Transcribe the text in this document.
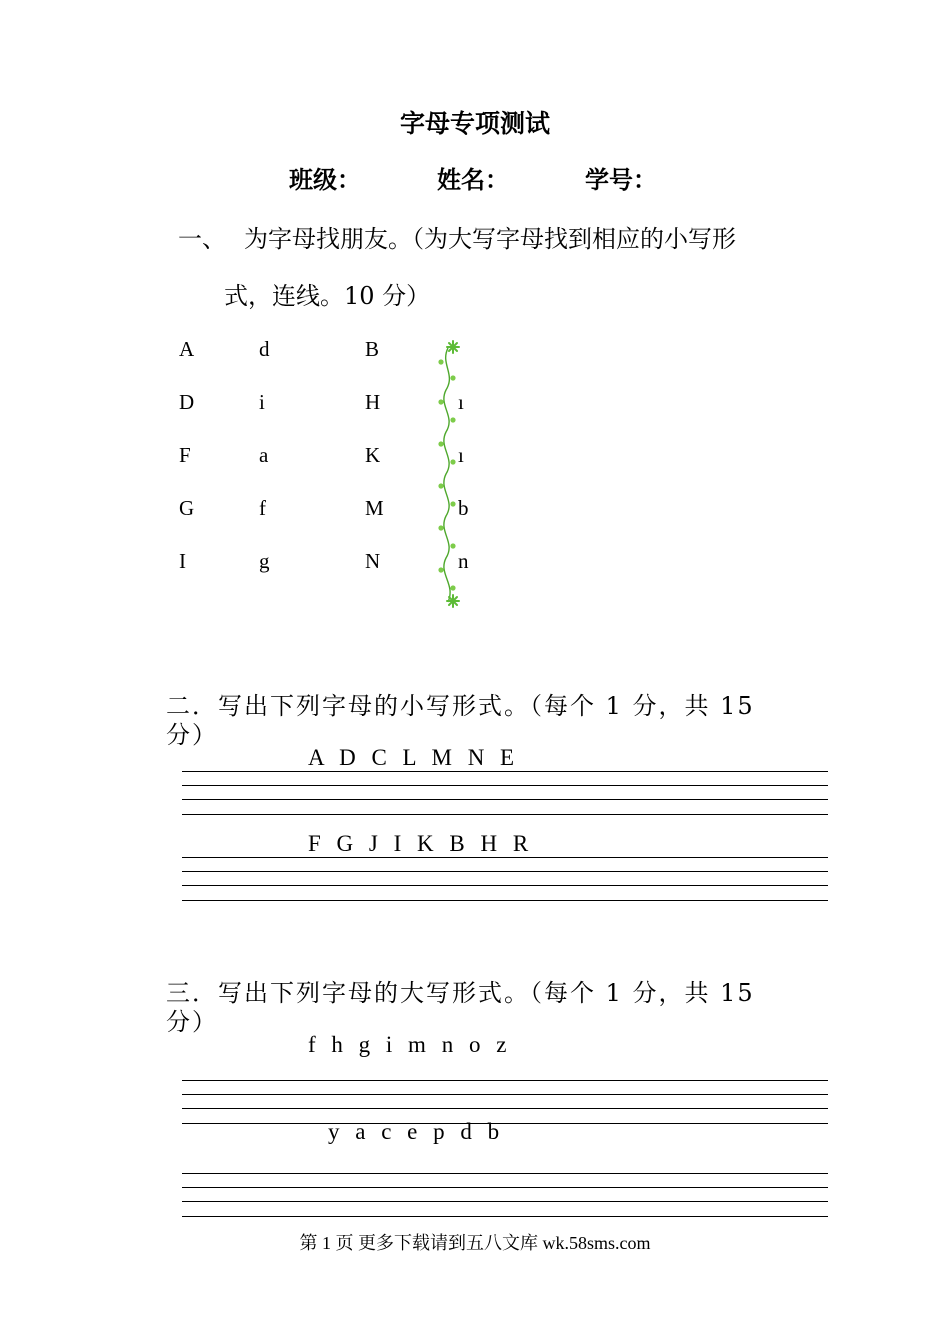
字母专项测试
班级：	姓名：	学号：
一、 为字母找朋友。（为大写字母找到相应的小写形
式，连线。10 分）
A
D
F
G
I
d
i
a
f
g
B
H
K
M
N
ı
ı
b
n
二．写出下列字母的小写形式。（每个 1 分，共 15
分）
A D C L M N E
F G J I K B H R
三．写出下列字母的大写形式。（每个 1 分，共 15
分）
f h g i m n o z
y a c e p d b
第 1 页 更多下载请到五八文库 wk.58sms.com
